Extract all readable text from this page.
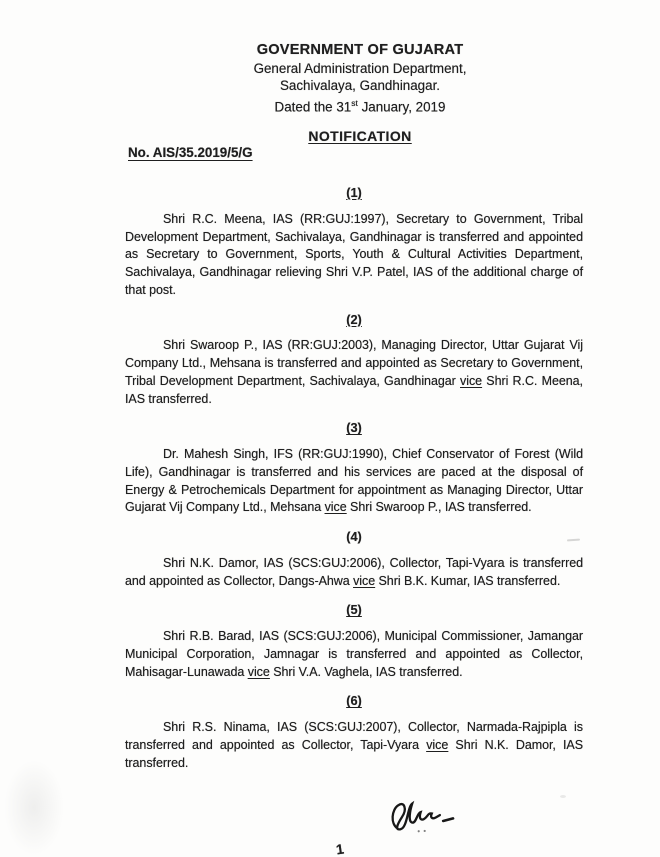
GOVERNMENT OF GUJARAT
General Administration Department,
Sachivalaya, Gandhinagar.
Dated the 31st January, 2019
NOTIFICATION
No. AIS/35.2019/5/G
(1)

Shri R.C. Meena, IAS (RR:GUJ:1997), Secretary to Government, Tribal Development Department, Sachivalaya, Gandhinagar is transferred and appointed as Secretary to Government, Sports, Youth & Cultural Activities Department, Sachivalaya, Gandhinagar relieving Shri V.P. Patel, IAS of the additional charge of that post.

(2)

Shri Swaroop P., IAS (RR:GUJ:2003), Managing Director, Uttar Gujarat Vij Company Ltd., Mehsana is transferred and appointed as Secretary to Government, Tribal Development Department, Sachivalaya, Gandhinagar vice Shri R.C. Meena, IAS transferred.

(3)

Dr. Mahesh Singh, IFS (RR:GUJ:1990), Chief Conservator of Forest (Wild Life), Gandhinagar is transferred and his services are paced at the disposal of Energy & Petrochemicals Department for appointment as Managing Director, Uttar Gujarat Vij Company Ltd., Mehsana vice Shri Swaroop P., IAS transferred.

(4)

Shri N.K. Damor, IAS (SCS:GUJ:2006), Collector, Tapi-Vyara is transferred and appointed as Collector, Dangs-Ahwa vice Shri B.K. Kumar, IAS transferred.

(5)

Shri R.B. Barad, IAS (SCS:GUJ:2006), Municipal Commissioner, Jamangar Municipal Corporation, Jamnagar is transferred and appointed as Collector, Mahisagar-Lunawada vice Shri V.A. Vaghela, IAS transferred.

(6)

Shri R.S. Ninama, IAS (SCS:GUJ:2007), Collector, Narmada-Rajpipla is transferred and appointed as Collector, Tapi-Vyara vice Shri N.K. Damor, IAS transferred.

1
